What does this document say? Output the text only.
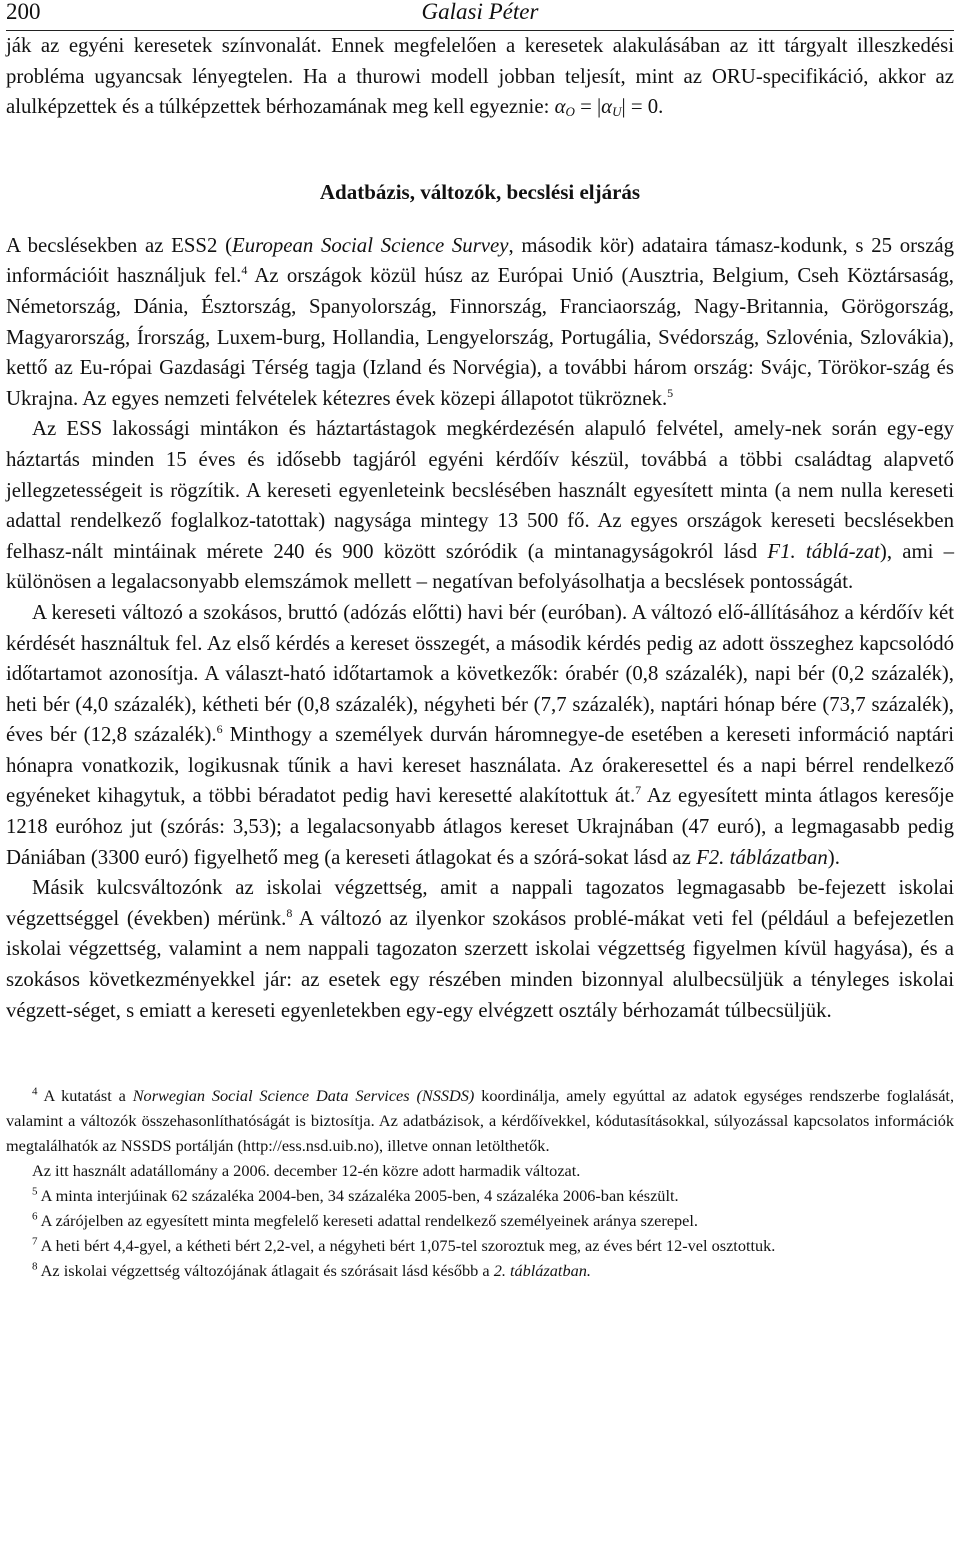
200	Galasi Péter

ják az egyéni keresetek színvonalát. Ennek megfelelően a keresetek alakulásában az itt tárgyalt illeszkedési probléma ugyancsak lényegtelen. Ha a thurowi modell jobban teljesít, mint az ORU-specifikáció, akkor az alulképzettek és a túlképzettek bérhozamának meg kell egyeznie: $\alpha_O = |\alpha_U| = 0$.

Adatbázis, változók, becslési eljárás

A becslésekben az ESS2 (European Social Science Survey, második kör) adataira támasz-kodunk, s 25 ország információit használjuk fel.$^4$ Az országok közül húsz az Európai Unió (Ausztria, Belgium, Cseh Köztársaság, Németország, Dánia, Észtország, Spanyolország, Finnország, Franciaország, Nagy-Britannia, Görögország, Magyarország, Írország, Luxem-burg, Hollandia, Lengyelország, Portugália, Svédország, Szlovénia, Szlovákia), kettő az Eu-rópai Gazdasági Térség tagja (Izland és Norvégia), a további három ország: Svájc, Törökor-szág és Ukrajna. Az egyes nemzeti felvételek kétezres évek közepi állapotot tükröznek.$^5$

Az ESS lakossági mintákon és háztartástagok megkérdezésén alapuló felvétel, amely-nek során egy-egy háztartás minden 15 éves és idősebb tagjáról egyéni kérdőív készül, továbbá a többi családtag alapvető jellegzetességeit is rögzítik. A kereseti egyenleteink becslésében használt egyesített minta (a nem nulla kereseti adattal rendelkező foglalkoz-tatottak) nagysága mintegy 13 500 fő. Az egyes országok kereseti becslésekben felhasz-nált mintáinak mérete 240 és 900 között szóródik (a mintanagyságokról lásd F1. táblá-zat), ami – különösen a legalacsonyabb elemszámok mellett – negatívan befolyásolhatja a becslések pontosságát.

A kereseti változó a szokásos, bruttó (adózás előtti) havi bér (euróban). A változó elő-állításához a kérdőív két kérdését használtuk fel. Az első kérdés a kereset összegét, a második kérdés pedig az adott összeghez kapcsolódó időtartamot azonosítja. A választ-ható időtartamok a következők: órabér (0,8 százalék), napi bér (0,2 százalék), heti bér (4,0 százalék), kétheti bér (0,8 százalék), négyheti bér (7,7 százalék), naptári hónap bére (73,7 százalék), éves bér (12,8 százalék).$^6$ Minthogy a személyek durván háromnegye-de esetében a kereseti információ naptári hónapra vonatkozik, logikusnak tűnik a havi kereset használata. Az órakeresettel és a napi bérrel rendelkező egyéneket kihagytuk, a többi béradatot pedig havi keresetté alakítottuk át.$^7$ Az egyesített minta átlagos keresője 1218 euróhoz jut (szórás: 3,53); a legalacsonyabb átlagos kereset Ukrajnában (47 euró), a legmagasabb pedig Dániában (3300 euró) figyelhető meg (a kereseti átlagokat és a szórá-sokat lásd az F2. táblázatban).

Másik kulcsváltozónk az iskolai végzettség, amit a nappali tagozatos legmagasabb be-fejezett iskolai végzettséggel (években) mérünk.$^8$ A változó az ilyenkor szokásos problé-mákat veti fel (például a befejezetlen iskolai végzettség, valamint a nem nappali tagozaton szerzett iskolai végzettség figyelmen kívül hagyása), és a szokásos következményekkel jár: az esetek egy részében minden bizonnyal alulbecsüljük a tényleges iskolai végzett-séget, s emiatt a kereseti egyenletekben egy-egy elvégzett osztály bérhozamát túlbecsüljük.

$^4$ A kutatást a Norwegian Social Science Data Services (NSSDS) koordinálja, amely egyúttal az adatok egységes rendszerbe foglalását, valamint a változók összehasonlíthatóságát is biztosítja. Az adatbázisok, a kérdőívekkel, kódutasításokkal, súlyozással kapcsolatos információk megtalálhatók az NSSDS portálján (http://ess.nsd.uib.no), illetve onnan letölthetők.

Az itt használt adatállomány a 2006. december 12-én közre adott harmadik változat.

$^5$ A minta interjúinak 62 százaléka 2004-ben, 34 százaléka 2005-ben, 4 százaléka 2006-ban készült.

$^6$ A zárójelben az egyesített minta megfelelő kereseti adattal rendelkező személyeinek aránya szerepel.

$^7$ A heti bért 4,4-gyel, a kétheti bért 2,2-vel, a négyheti bért 1,075-tel szoroztuk meg, az éves bért 12-vel osztottuk.

$^8$ Az iskolai végzettség változójának átlagait és szórásait lásd később a 2. táblázatban.
